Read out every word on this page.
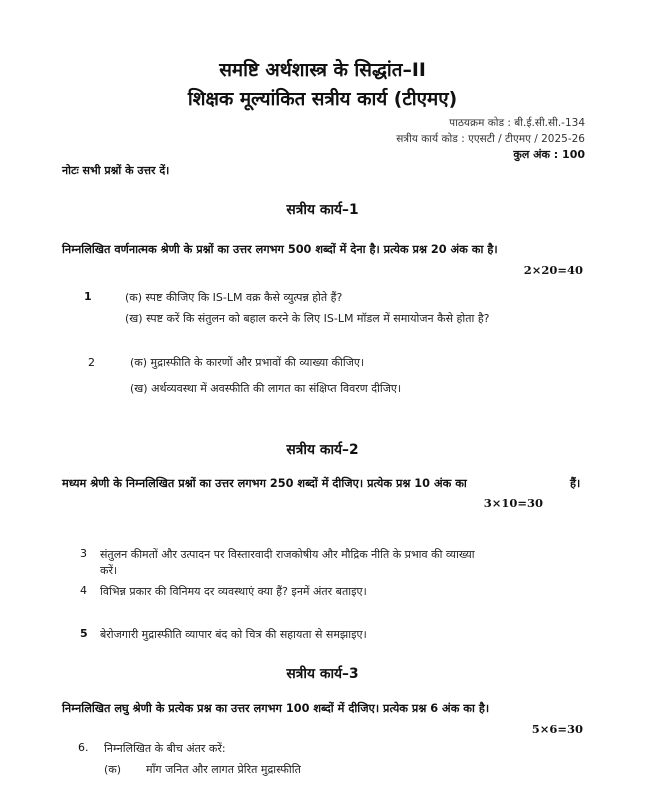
समष्टि अर्थशास्त्र के सिद्धांत–II
शिक्षक मूल्यांकित सत्रीय कार्य (टीएमए)
पाठयक्रम कोड : बी.ई.सी.सी.-134
सत्रीय कार्य कोड : एएसटी / टीएमए / 2025-26
कुल अंक : 100
नोटः सभी प्रश्नों के उत्तर दें।
सत्रीय कार्य–1
निम्नलिखित वर्णनात्मक श्रेणी के प्रश्नों का उत्तर लगभग 500 शब्दों में देना है। प्रत्येक प्रश्न 20 अंक का है।
2×20=40
1	(क) स्पष्ट कीजिए कि IS-LM वक्र कैसे व्युत्पन्न होते हैं?
(ख) स्पष्ट करें कि संतुलन को बहाल करने के लिए IS-LM मॉडल में समायोजन कैसे होता है?
2	(क) मुद्रास्फीति के कारणों और प्रभावों की व्याख्या कीजिए।
(ख) अर्थव्यवस्था में अवस्फीति की लागत का संक्षिप्त विवरण दीजिए।
सत्रीय कार्य–2
मध्यम श्रेणी के निम्नलिखित प्रश्नों का उत्तर लगभग 250 शब्दों में दीजिए। प्रत्येक प्रश्न 10 अंक का	हैं।
3×10=30
3 संतुलन कीमतों और उत्पादन पर विस्तारवादी राजकोषीय और मौद्रिक नीति के प्रभाव की व्याख्या
करें।
4 विभिन्न प्रकार की विनिमय दर व्यवस्थाएं क्या हैं? इनमें अंतर बताइए।
5 बेरोजगारी मुद्रास्फीति व्यापार बंद को चित्र की सहायता से समझाइए।
सत्रीय कार्य–3
निम्नलिखित लघु श्रेणी के प्रत्येक प्रश्न का उत्तर लगभग 100 शब्दों में दीजिए। प्रत्येक प्रश्न 6 अंक का है।
5×6=30
6. निम्नलिखित के बीच अंतर करें:
(क) माँग जनित और लागत प्रेरित मुद्रास्फीति
